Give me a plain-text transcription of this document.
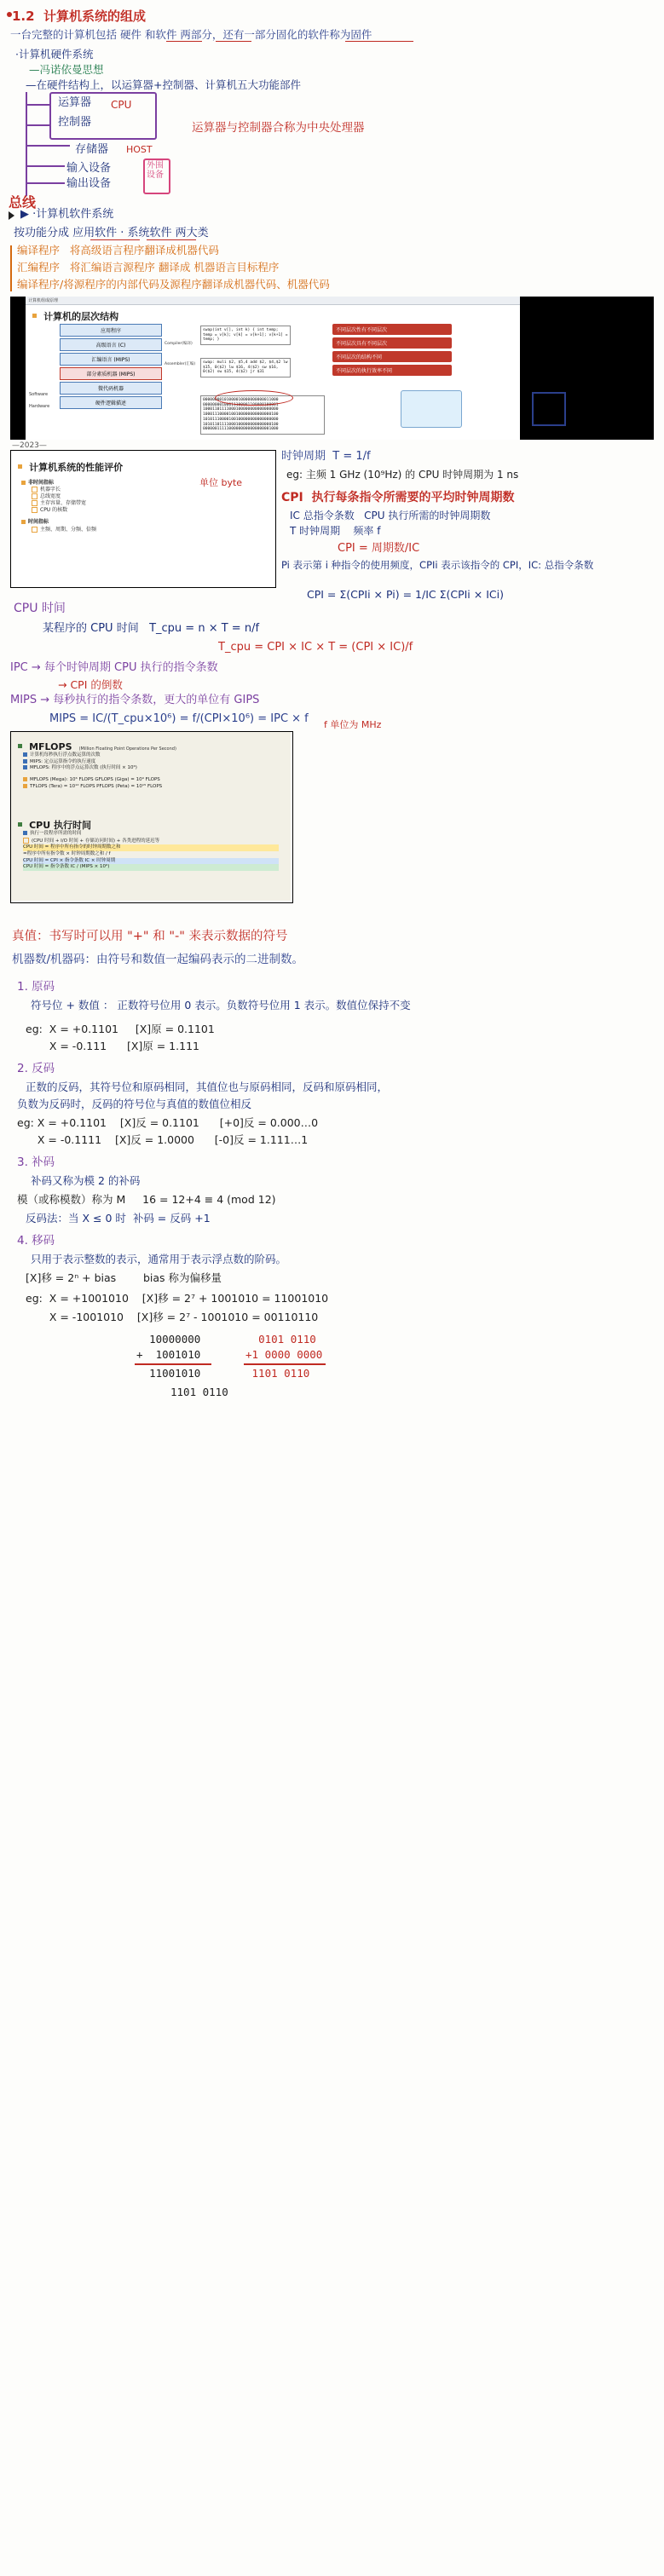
1.2  计算机系统的组成
一台完整的计算机包括 硬件 和软件 两部分，还有一部分固化的软件称为固件
·计算机硬件系统
—冯诺依曼思想
—在硬件结构上，以运算器+控制器、计算机五大功能部件
运算器 CPU
控制器
存储器 HOST
输入设备
输出设备
外围设备
运算器与控制器合称为中央处理器
总线
▶ ·计算机软件系统
按功能分成 应用软件 · 系统软件 两大类
编译程序   将高级语言程序翻译成机器代码
汇编程序   将汇编语言源程序 翻译成 机器语言目标程序
编译程序/将源程序的内部代码及源程序翻译成机器代码、机器代码
计算机组成原理
计算机的层次结构
应用程序
高级语言 (C)
汇编语言 (MIPS)
部分素质机器 (MIPS)
微代码机器
硬件逻辑描述
Software
Hardware
Compiler(编译)
Assembler(汇编)
swap(int v[], int k) { int temp; temp = v[k]; v[k] = v[k+1]; v[k+1] = temp; }
swap: muli $2, $5,4 add $2, $4,$2 lw $15, 0($2) lw $16, 4($2) sw $16, 0($2) sw $15, 4($2) jr $31
00000000101000010000000000011000 00000000100011100001100000100001 10001101111000100000000000000000 10001110000100100000000000000100 10101110000100100000000000000000 10101101111000100000000000000100 00000011111000000000000000001000
不同层次性有不同层次
不同层次具有不同层次
不同层次的结构不同
不同层次的执行效率不同
—2023—
计算机系统的性能评价
非时间指标
机器字长
总线宽度
主存容量、存储带宽
CPU 的核数
时间指标
主频、周期、分频、倍频
时钟周期  T = 1/f
eg: 主频 1 GHz (10⁹Hz) 的 CPU 时钟周期为 1 ns
CPI  执行每条指令所需要的平均时钟周期数
IC 总指令条数   CPU 执行所需的时钟周期数
T 时钟周期    频率 f
CPI = 周期数/IC
Pi 表示第 i 种指令的使用频度，CPIi 表示该指令的 CPI，IC: 总指令条数
CPI = Σ(CPIi × Pi) = 1/IC Σ(CPIi × ICi)
单位 byte
CPU 时间
某程序的 CPU 时间   T_cpu = n × T = n/f
T_cpu = CPI × IC × T = (CPI × IC)/f
IPC → 每个时钟周期 CPU 执行的指令条数
→ CPI 的倒数
MIPS → 每秒执行的指令条数，更大的单位有 GIPS
MIPS = IC/(T_cpu×10⁶) = f/(CPI×10⁶) = IPC × f f 单位为 MHz
MFLOPS (Million Floating Point Operations Per Second)
计算机每秒执行浮点数运算的次数
MIPS: 定点运算指令的执行速度
MFLOPS: 程序中的浮点运算次数 (执行时间 × 10⁶)
MFLOPS (Mega): 10⁶ FLOPS GFLOPS (Giga) = 10⁹ FLOPS
TFLOPS (Tera) = 10¹² FLOPS PFLOPS (Peta) = 10¹⁵ FLOPS
CPU 执行时间
执行一段程序所需的时间
(CPU 时间 + I/O 时间 + 存储访问时间) + 各类进程的延迟等
CPU 时间 = 程序中所有指令的时钟周期数之和
=程序中所有指令数 × 时钟周期数之和 / f
CPU 时间 = CPI × 指令条数 IC × 时钟周期
CPU 时间 = 指令条数 IC / (MIPS × 10⁶)
真值：书写时可以用 "+" 和 "-" 来表示数据的符号
机器数/机器码：由符号和数值一起编码表示的二进制数。
1. 原码
符号位 + 数值 ： 正数符号位用 0 表示。负数符号位用 1 表示。数值位保持不变
eg:  X = +0.1101     [X]原 = 0.1101
X = -0.111      [X]原 = 1.111
2. 反码
正数的反码，其符号位和原码相同，其值位也与原码相同，反码和原码相同，
负数为反码时，反码的符号位与真值的数值位相反
eg: X = +0.1101    [X]反 = 0.1101      [+0]反 = 0.000…0
X = -0.1111    [X]反 = 1.0000      [-0]反 = 1.111…1
3. 补码
补码又称为模 2 的补码
模（或称模数）称为 M     16 = 12+4 ≡ 4 (mod 12)
反码法：当 X ≤ 0 时  补码 = 反码 +1
4. 移码
只用于表示整数的表示，通常用于表示浮点数的阶码。
[X]移 = 2ⁿ + bias        bias 称为偏移量
eg:  X = +1001010    [X]移 = 2⁷ + 1001010 = 11001010
X = -1001010    [X]移 = 2⁷ - 1001010 = 00110110
10000000
+  1001010
11001010
0101 0110
+1 0000 0000
1101 0110
1101 0110
